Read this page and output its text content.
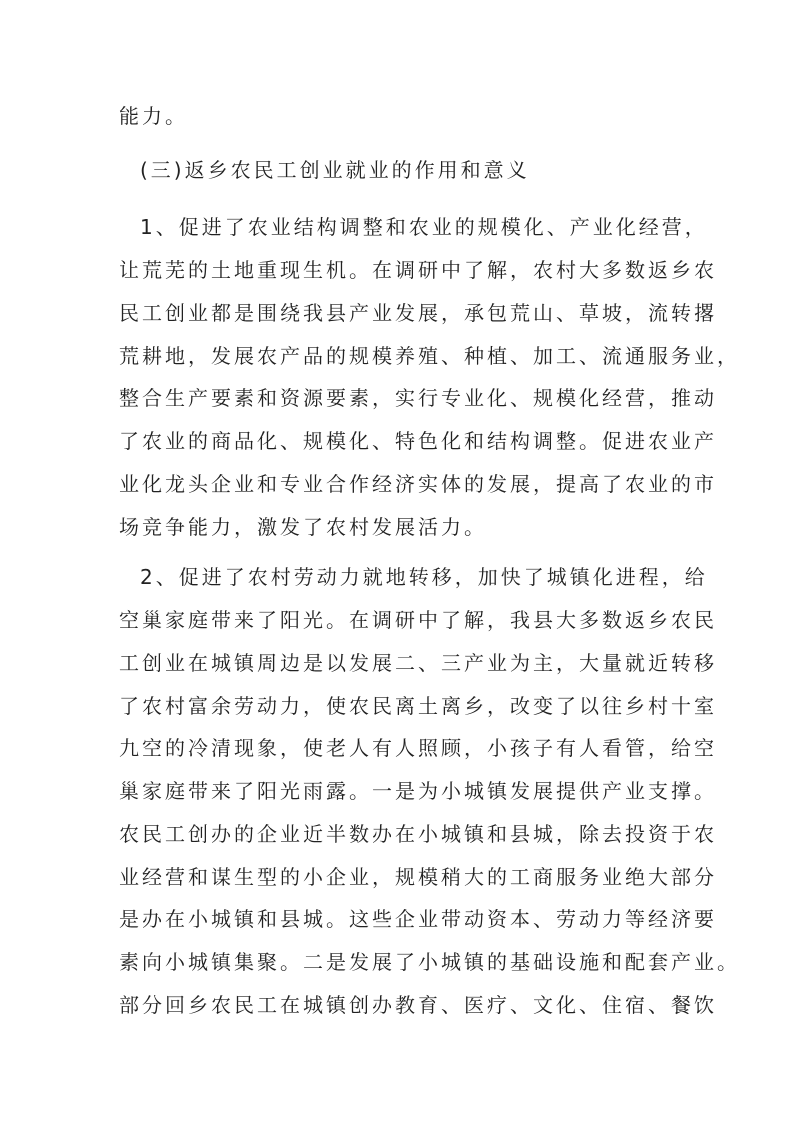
能力。
(三)返乡农民工创业就业的作用和意义
1、促进了农业结构调整和农业的规模化、产业化经营，
让荒芜的土地重现生机。在调研中了解，农村大多数返乡农
民工创业都是围绕我县产业发展，承包荒山、草坡，流转撂
荒耕地，发展农产品的规模养殖、种植、加工、流通服务业，
整合生产要素和资源要素，实行专业化、规模化经营，推动
了农业的商品化、规模化、特色化和结构调整。促进农业产
业化龙头企业和专业合作经济实体的发展，提高了农业的市
场竞争能力，激发了农村发展活力。
2、促进了农村劳动力就地转移，加快了城镇化进程，给
空巢家庭带来了阳光。在调研中了解，我县大多数返乡农民
工创业在城镇周边是以发展二、三产业为主，大量就近转移
了农村富余劳动力，使农民离土离乡，改变了以往乡村十室
九空的冷清现象，使老人有人照顾，小孩子有人看管，给空
巢家庭带来了阳光雨露。一是为小城镇发展提供产业支撑。
农民工创办的企业近半数办在小城镇和县城，除去投资于农
业经营和谋生型的小企业，规模稍大的工商服务业绝大部分
是办在小城镇和县城。这些企业带动资本、劳动力等经济要
素向小城镇集聚。二是发展了小城镇的基础设施和配套产业。
部分回乡农民工在城镇创办教育、医疗、文化、住宿、餐饮
